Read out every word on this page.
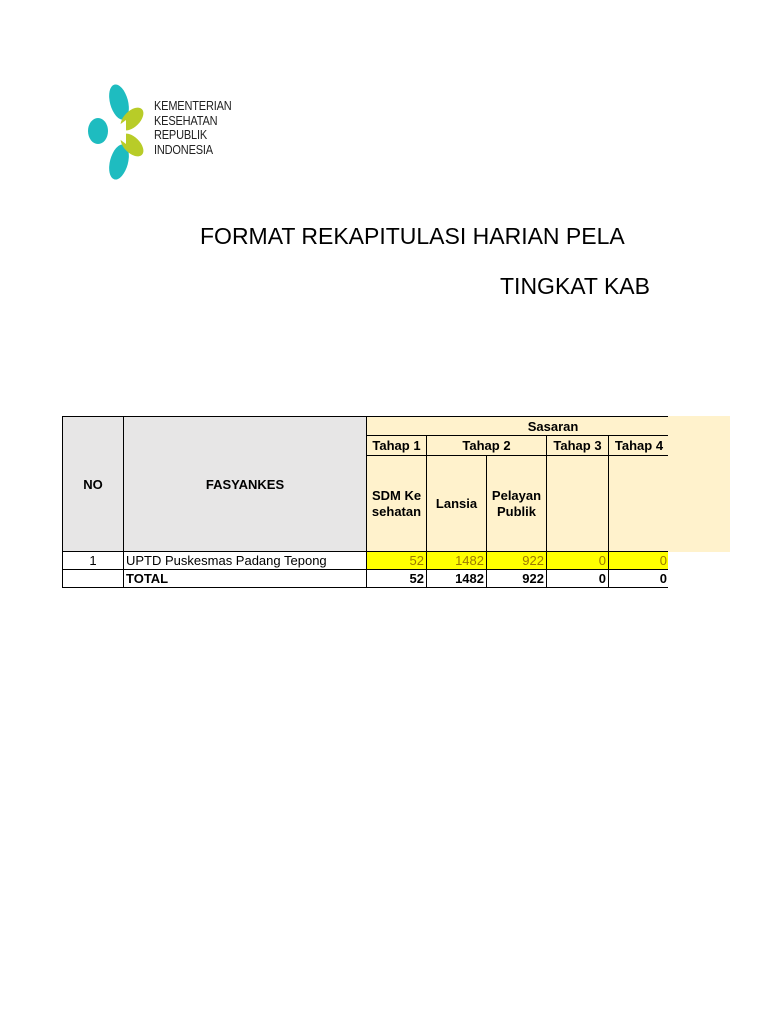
KEMENTERIAN
KESEHATAN
REPUBLIK
INDONESIA
FORMAT REKAPITULASI HARIAN PELA
TINGKAT KAB
NO	FASYANKES	Sasaran					
		Tahap 1	Tahap 2		Tahap 3	Tahap 4	
		SDM Kesehatan	Lansia	Pelayan Publik			
1	UPTD Puskesmas Padang Tepong	52	1482	922	0	0	
	TOTAL	52	1482	922	0	0	
